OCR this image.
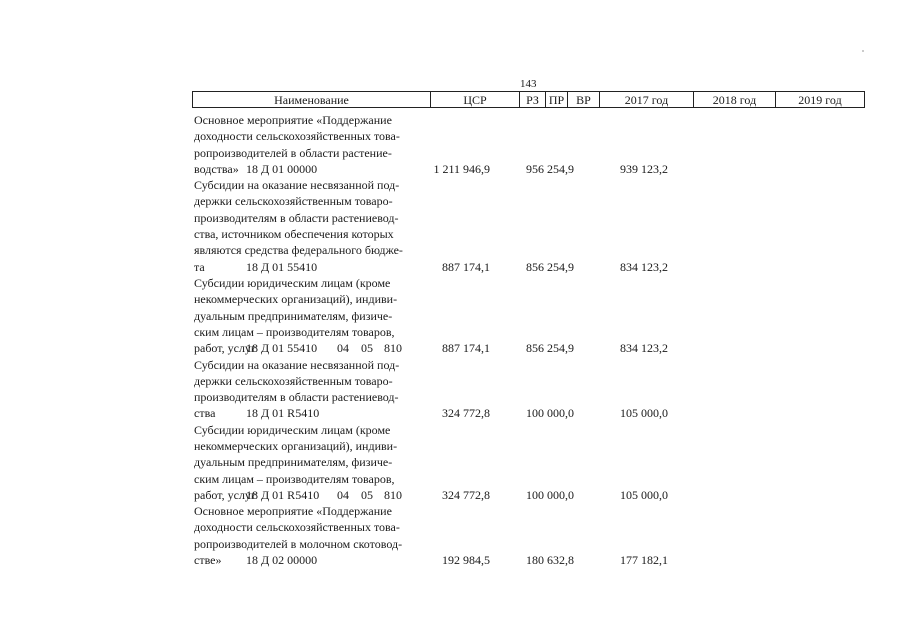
143
Наименование	ЦСР	РЗ ПР ВР	2017 год	2018 год	2019 год
Основное мероприятие «Поддержание
доходности сельскохозяйственных това-
ропроизводителей в области растение-
водства» 18 Д 01 00000	1 211 946,9	956 254,9	939 123,2
Субсидии на оказание несвязанной под-
держки сельскохозяйственным товаро-
производителям в области растениевод-
ства, источником обеспечения которых
являются средства федерального бюдже-
та	18 Д 01 55410	887 174,1	856 254,9	834 123,2
Субсидии юридическим лицам (кроме
некоммерческих организаций), индиви-
дуальным предпринимателям, физиче-
ским лицам – производителям товаров,
работ, услуг
18 Д 01 55410	04	05 810	887 174,1	856 254,9	834 123,2
Субсидии на оказание несвязанной под-
держки сельскохозяйственным товаро-
производителям в области растениевод-
ства	18 Д 01 R5410	324 772,8	100 000,0	105 000,0
Субсидии юридическим лицам (кроме
некоммерческих организаций), индиви-
дуальным предпринимателям, физиче-
ским лицам – производителям товаров,
работ, услуг
18 Д 01 R5410	04	05 810	324 772,8	100 000,0	105 000,0
Основное мероприятие «Поддержание
доходности сельскохозяйственных това-
ропроизводителей в молочном скотовод-
стве» 18 Д 02 00000	192 984,5	180 632,8	177 182,1
